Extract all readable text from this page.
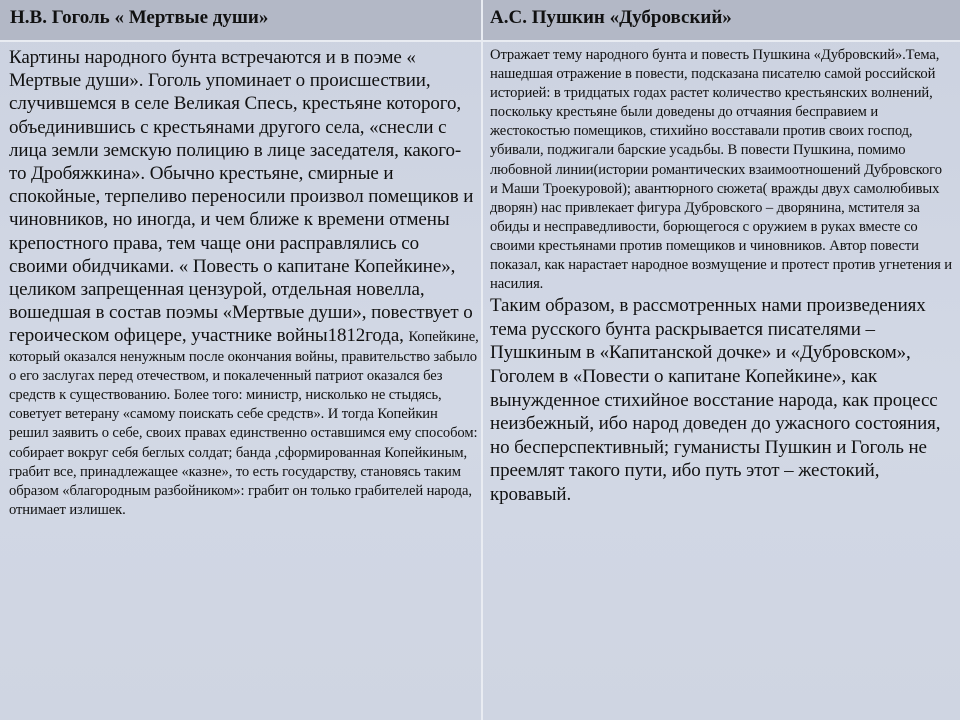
Н.В. Гоголь « Мертвые души»	А.С. Пушкин «Дубровский»

Картины народного бунта встречаются и в поэме « Мертвые души». Гоголь упоминает о происшествии, случившемся в селе Великая Спесь, крестьяне которого, объединившись с крестьянами другого села, «снесли с лица земли земскую полицию в лице заседателя, какого- то Дробяжкина». Обычно крестьяне, смирные и спокойные, терпеливо переносили произвол помещиков и чиновников, но иногда, и чем ближе к времени отмены крепостного права, тем чаще они расправлялись со своими обидчиками. « Повесть о капитане Копейкине», целиком запрещенная цензурой, отдельная новелла, вошедшая в состав поэмы «Мертвые души», повествует о героическом офицере, участнике войны1812года, Копейкине, который оказался ненужным после окончания войны, правительство забыло о его заслугах перед отечеством, и покалеченный патриот оказался без средств к существованию. Более того: министр, нисколько не стыдясь, советует ветерану «самому поискать себе средств». И тогда Копейкин решил заявить о себе, своих правах единственно оставшимся ему способом: собирает вокруг себя беглых солдат; банда ,сформированная Копейкиным, грабит все, принадлежащее «казне», то есть государству, становясь таким образом «благородным разбойником»: грабит он только грабителей народа, отнимает излишек.

Отражает тему народного бунта и повесть Пушкина «Дубровский».Тема, нашедшая отражение в повести, подсказана писателю самой российской историей: в тридцатых годах растет количество крестьянских волнений, поскольку крестьяне были доведены до отчаяния бесправием и жестокостью помещиков, стихийно восставали против своих господ, убивали, поджигали барские усадьбы. В повести Пушкина, помимо любовной линии(истории романтических взаимоотношений Дубровского и Маши Троекуровой); авантюрного сюжета( вражды двух самолюбивых дворян) нас привлекает фигура Дубровского – дворянина, мстителя за обиды и несправедливости, борющегося с оружием в руках вместе со своими крестьянами против помещиков и чиновников. Автор повести показал, как нарастает народное возмущение и протест против угнетения и насилия.
Таким образом, в рассмотренных нами произведениях тема русского бунта раскрывается писателями – Пушкиным в «Капитанской дочке» и «Дубровском», Гоголем в «Повести о капитане Копейкине», как вынужденное стихийное восстание народа, как процесс неизбежный, ибо народ доведен до ужасного состояния, но бесперспективный; гуманисты Пушкин и Гоголь не преемлят такого пути, ибо путь этот – жестокий, кровавый.
